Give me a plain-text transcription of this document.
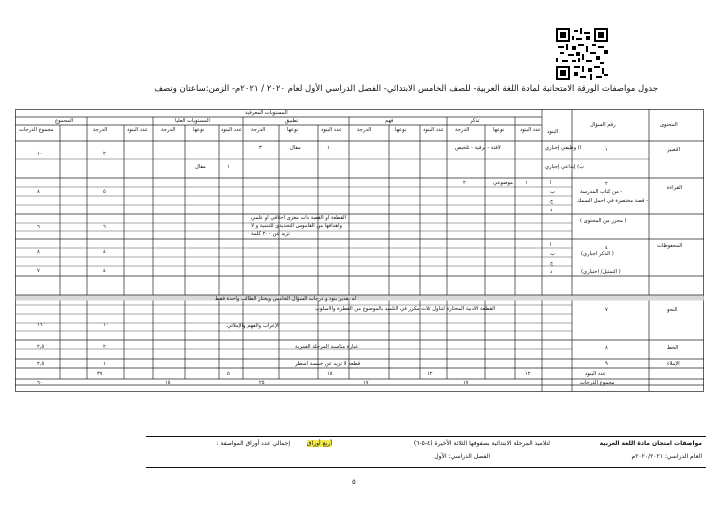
جدول مواصفات الورقة الامتحانية لمادة اللغة العربية- للصف الخامس الابتدائي- الفصل الدراسي الأول لعام ٢٠٢٠ / ٢٠٢١م- الزمن:ساعتان ونصف
المحتوى
رقم السؤال
البنود
المستويات المعرفية
تذكر
فهم
تطبيق
المستويات العليا
المجموع
عدد البنود
نوعها
الدرجة
عدد البنود
نوعها
الدرجة
عدد البنود
نوعها
الدرجة
عدد البنود
نوعها
الدرجة
عدد البنود
الدرجة
مجموع الدرجات
التعبير
١
أ) وظيفي إجباري
ب) إبداعي إجباري
لافتة - برقية - تلخيص
١
مقال
٣
١
مقال
٢
١٠
القراءة
٢
- من كتاب المدرسة
- قصة مختصرة في أحمل السمك
( محرر من المحتوى )
أ
ب
ج
د
١
موضوعي
٢
٥
٨
٦
٦
القطعة أو القصة ذات مغزى اخلاقي أو علمي
وأهدافها من القاموس التحديدي للتنمية و لا
تزيد عن ٢٠٠ كلمة
المحفوظات
٤
( الذكر اجباري)
( التمثيل/ اختياري)
أ
ب
ج
د
٤
٨
٤
٧
له تقدير بنود و درجات السؤال الخامس ويختار الطالب واحدة فقط
النحو
٧
القطعة الأدبية المختارة لتناول ثلاث مكرر في التلميذ بالموضوع من القطرة والأسلوب
الإعراب والفهم والإملائي
١٠
١٦
الخط
٨
عبارة مناسبة المرحلة العمرية
٢
٢,٥
الإملاء
٩
قطعة لا تزيد عن خمسة أسطر
١
٢,٥
عدد البنود
١٢
١٢
١٥
٥
٣٧
مجموع الدرجات
١٧
١٧
٢٥
١٥
٦٠
مواصفات امتحان مادة اللغة العربية
العام الدراسي: ٢٠٢٠/٢٠٢١م
لتلاميذ المرحلة الابتدائية بصفوفها الثلاثة الأخيرة (٤-٥-٦)
الفصل الدراسي: الأول
إجمالي عدد أوراق المواصفة :	أربع أوراق
٥
